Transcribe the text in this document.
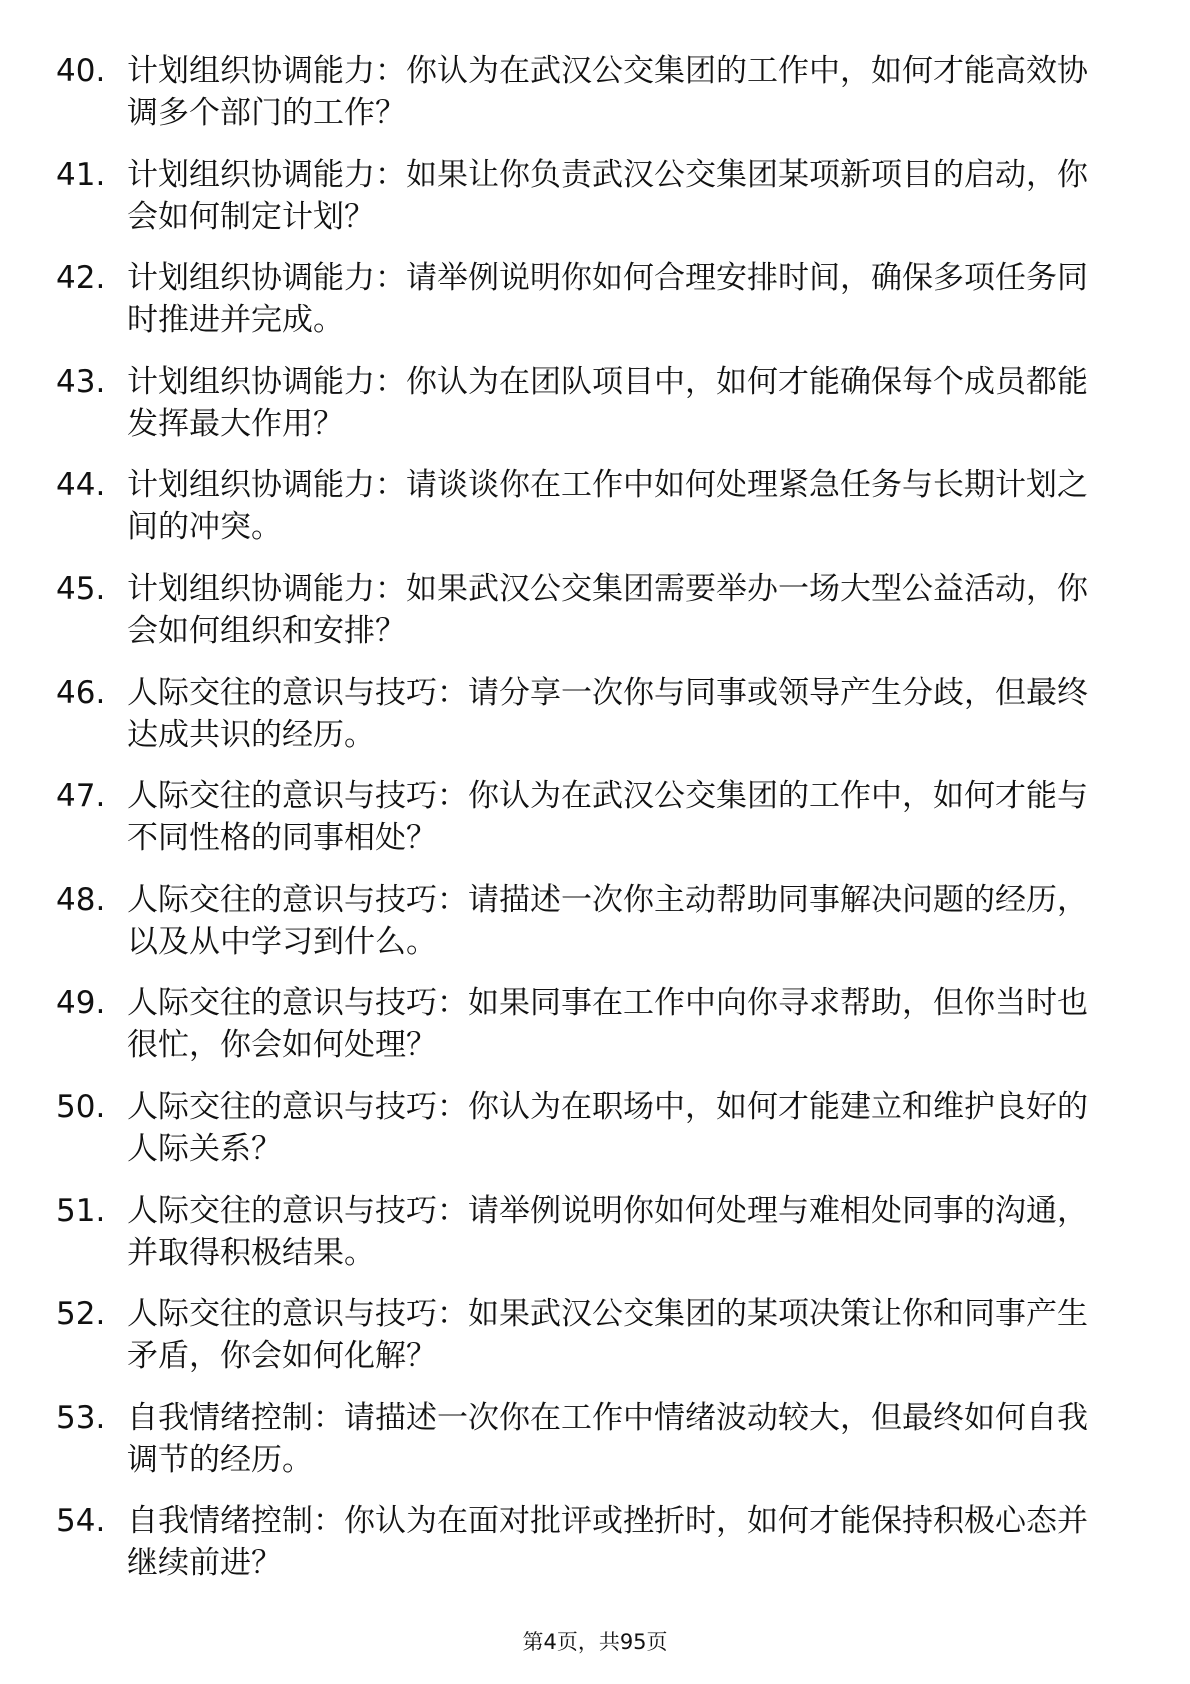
40. 计划组织协调能力：你认为在武汉公交集团的工作中，如何才能高效协调多个部门的工作？
41. 计划组织协调能力：如果让你负责武汉公交集团某项新项目的启动，你会如何制定计划？
42. 计划组织协调能力：请举例说明你如何合理安排时间，确保多项任务同时推进并完成。
43. 计划组织协调能力：你认为在团队项目中，如何才能确保每个成员都能发挥最大作用？
44. 计划组织协调能力：请谈谈你在工作中如何处理紧急任务与长期计划之间的冲突。
45. 计划组织协调能力：如果武汉公交集团需要举办一场大型公益活动，你会如何组织和安排？
46. 人际交往的意识与技巧：请分享一次你与同事或领导产生分歧，但最终达成共识的经历。
47. 人际交往的意识与技巧：你认为在武汉公交集团的工作中，如何才能与不同性格的同事相处？
48. 人际交往的意识与技巧：请描述一次你主动帮助同事解决问题的经历，以及从中学习到什么。
49. 人际交往的意识与技巧：如果同事在工作中向你寻求帮助，但你当时也很忙，你会如何处理？
50. 人际交往的意识与技巧：你认为在职场中，如何才能建立和维护良好的人际关系？
51. 人际交往的意识与技巧：请举例说明你如何处理与难相处同事的沟通，并取得积极结果。
52. 人际交往的意识与技巧：如果武汉公交集团的某项决策让你和同事产生矛盾，你会如何化解？
53. 自我情绪控制：请描述一次你在工作中情绪波动较大，但最终如何自我调节的经历。
54. 自我情绪控制：你认为在面对批评或挫折时，如何才能保持积极心态并继续前进？
第4页，共95页
